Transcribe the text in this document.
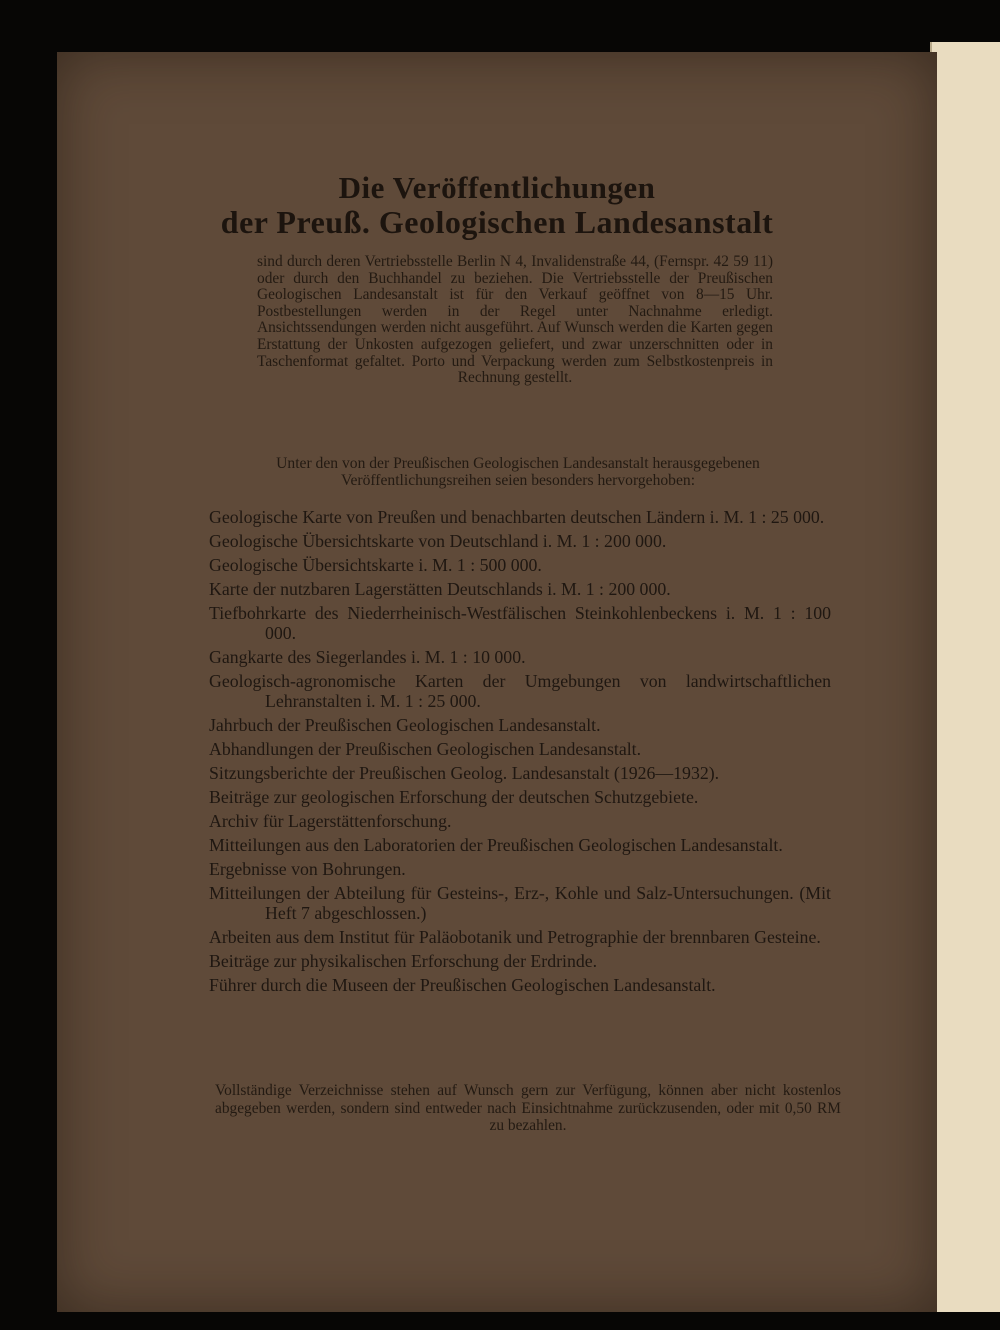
Die Veröffentlichungen
der Preuß. Geologischen Landesanstalt
sind durch deren Vertriebsstelle Berlin N 4, Invalidenstraße 44, (Fernspr. 42 59 11) oder durch den Buchhandel zu beziehen. Die Vertriebsstelle der Preußischen Geologischen Landesanstalt ist für den Verkauf geöffnet von 8—15 Uhr. Postbestellungen werden in der Regel unter Nachnahme erledigt. Ansichtssendungen werden nicht ausgeführt. Auf Wunsch werden die Karten gegen Erstattung der Unkosten aufgezogen geliefert, und zwar unzerschnitten oder in Taschenformat gefaltet. Porto und Verpackung werden zum Selbstkostenpreis in Rechnung gestellt.
Unter den von der Preußischen Geologischen Landesanstalt herausgegebenen Veröffentlichungsreihen seien besonders hervorgehoben:
Geologische Karte von Preußen und benachbarten deutschen Ländern i. M. 1 : 25 000.
Geologische Übersichtskarte von Deutschland i. M. 1 : 200 000.
Geologische Übersichtskarte i. M. 1 : 500 000.
Karte der nutzbaren Lagerstätten Deutschlands i. M. 1 : 200 000.
Tiefbohrkarte des Niederrheinisch-Westfälischen Steinkohlenbeckens i. M. 1 : 100 000.
Gangkarte des Siegerlandes i. M. 1 : 10 000.
Geologisch-agronomische Karten der Umgebungen von landwirtschaftlichen Lehranstalten i. M. 1 : 25 000.
Jahrbuch der Preußischen Geologischen Landesanstalt.
Abhandlungen der Preußischen Geologischen Landesanstalt.
Sitzungsberichte der Preußischen Geolog. Landesanstalt (1926—1932).
Beiträge zur geologischen Erforschung der deutschen Schutzgebiete.
Archiv für Lagerstättenforschung.
Mitteilungen aus den Laboratorien der Preußischen Geologischen Landesanstalt.
Ergebnisse von Bohrungen.
Mitteilungen der Abteilung für Gesteins-, Erz-, Kohle und Salz-Untersuchungen. (Mit Heft 7 abgeschlossen.)
Arbeiten aus dem Institut für Paläobotanik und Petrographie der brennbaren Gesteine.
Beiträge zur physikalischen Erforschung der Erdrinde.
Führer durch die Museen der Preußischen Geologischen Landesanstalt.
Vollständige Verzeichnisse stehen auf Wunsch gern zur Verfügung, können aber nicht kostenlos abgegeben werden, sondern sind entweder nach Einsichtnahme zurückzusenden, oder mit 0,50 RM zu bezahlen.
